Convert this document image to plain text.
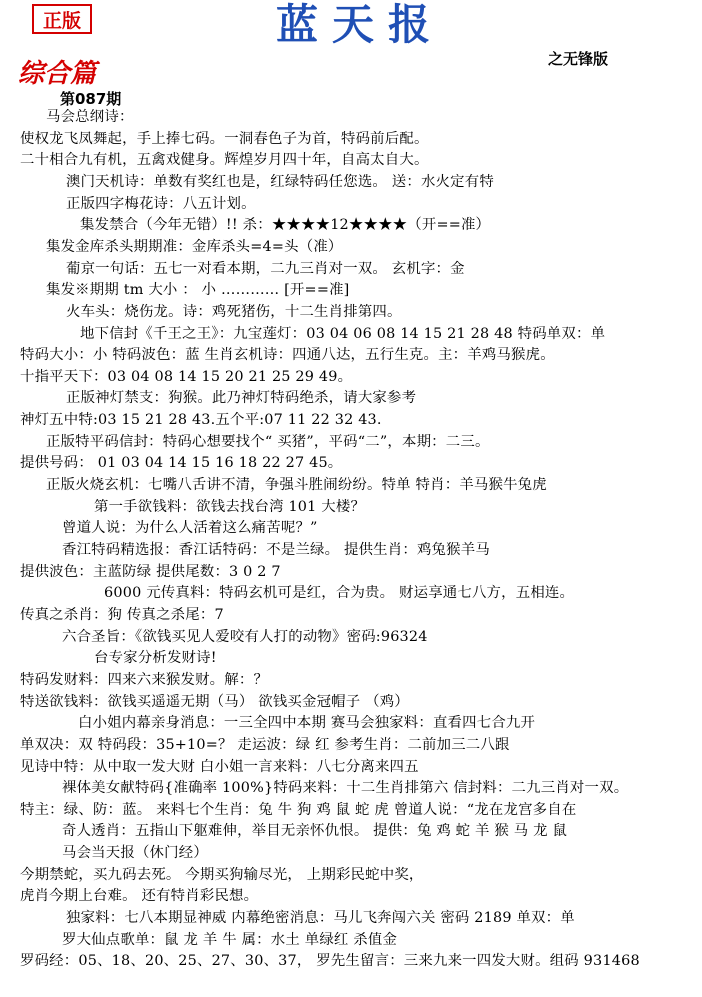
正版	蓝天报
之无锋版
综合篇
第087期
马会总纲诗：
使权龙飞凤舞起，手上捧七码。一洞春色子为首，特码前后配。
二十相合九有机，五禽戏健身。辉煌岁月四十年，自高太自大。
澳门天机诗：单数有奖红也是，红绿特码任您选。 送：水火定有特
正版四字梅花诗：八五计划。
集发禁合（今年无错）!! 杀：★★★★12★★★★（开==准）
集发金库杀头期期准：金库杀头=4=头（准）
葡京一句话：五七一对看本期，二九三肖对一双。 玄机字：金
集发※期期 tm 大小 ： 小 ………… [开==准]
火车头：烧伤龙。诗：鸡死猪伤，十二生肖排第四。
地下信封《千王之王》：九宝莲灯：03 04 06 08 14 15 21 28 48 特码单双：单
特码大小：小 特码波色：蓝 生肖玄机诗：四通八达，五行生克。主：羊鸡马猴虎。
十指平天下：03 04 08 14 15 20 21 25 29 49。
正版神灯禁支：狗猴。此乃神灯特码绝杀，请大家参考
神灯五中特:03 15 21 28 43.五个平:07 11 22 32 43.
正版特平码信封：特码心想要找个“ 买猪”，平码“二”，本期：二三。
提供号码： 01 03 04 14 15 16 18 22 27 45。
正版火烧玄机：七嘴八舌讲不清，争强斗胜闹纷纷。特单 特肖：羊马猴牛兔虎
第一手欲钱料：欲钱去找台湾 101 大楼？
曾道人说：为什么人活着这么痛苦呢？”
香江特码精选报：香江话特码：不是兰绿。 提供生肖：鸡兔猴羊马
提供波色：主蓝防绿 提供尾数：3 0 2 7
6000 元传真料：特码玄机可是红，合为贵。 财运享通七八方，五相连。
传真之杀肖：狗 传真之杀尾：7
六合圣旨：《欲钱买见人爱咬有人打的动物》密码:96324
台专家分析发财诗!
特码发财料：四来六来猴发财。解：？
特送欲钱料：欲钱买遥遥无期（马） 欲钱买金冠帽子 （鸡）
白小姐内幕亲身消息：一三全四中本期 赛马会独家料：直看四七合九开
单双决：双 特码段：35+10=？ 走运波：绿 红 参考生肖：二前加三二八跟
见诗中特：从中取一发大财 白小姐一言来料：八七分离来四五
裸体美女献特码{准确率 100%}特码来料：十二生肖排第六 信封料：二九三肖对一双。
特主：绿、防：蓝。 来料七个生肖：兔 牛 狗 鸡 鼠 蛇 虎 曾道人说：“龙在龙宫多自在
奇人透肖：五指山下躯难伸，举目无亲怀仇恨。 提供：兔 鸡 蛇 羊 猴 马 龙 鼠
马会当天报（休门经）
今期禁蛇，买九码去死。 今期买狗输尽光， 上期彩民蛇中奖，
虎肖今期上台难。 还有特肖彩民想。
独家料：七八本期显神威 内幕绝密消息：马儿飞奔闯六关 密码 2189 单双：单
罗大仙点歌单：鼠 龙 羊 牛 属：水土 单绿红 杀值金
罗码经：05、18、20、25、27、30、37， 罗先生留言：三来九来一四发大财。组码 931468
